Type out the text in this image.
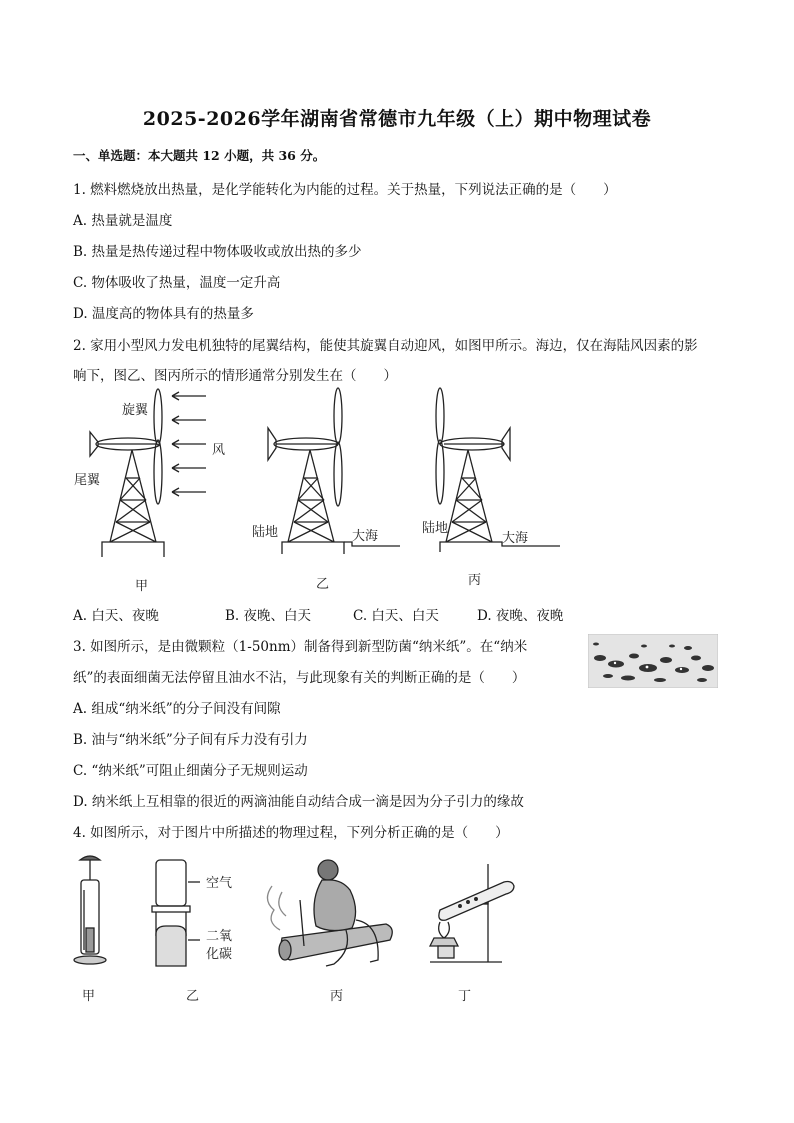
2025-2026学年湖南省常德市九年级（上）期中物理试卷
一、单选题：本大题共 12 小题，共 36 分。
1. 燃料燃烧放出热量，是化学能转化为内能的过程。关于热量，下列说法正确的是（　　）
A. 热量就是温度
B. 热量是热传递过程中物体吸收或放出热的多少
C. 物体吸收了热量，温度一定升高
D. 温度高的物体具有的热量多
2. 家用小型风力发电机独特的尾翼结构，能使其旋翼自动迎风，如图甲所示。海边，仅在海陆风因素的影
响下，图乙、图丙所示的情形通常分别发生在（　　）
旋翼
尾翼
风
陆地	大海
陆地
大海
甲	乙	丙
A. 白天、夜晚	B. 夜晚、白天	C. 白天、白天	D. 夜晚、夜晚
3. 如图所示，是由微颗粒（1-50nm）制备得到新型防菌“纳米纸”。在“纳米
纸”的表面细菌无法停留且油水不沾，与此现象有关的判断正确的是（　　）
A. 组成“纳米纸”的分子间没有间隙
B. 油与“纳米纸”分子间有斥力没有引力
C. “纳米纸”可阻止细菌分子无规则运动
D. 纳米纸上互相靠的很近的两滴油能自动结合成一滴是因为分子引力的缘故
4. 如图所示，对于图片中所描述的物理过程，下列分析正确的是（　　）
空气
二氧
化碳
甲	乙	丙	丁
